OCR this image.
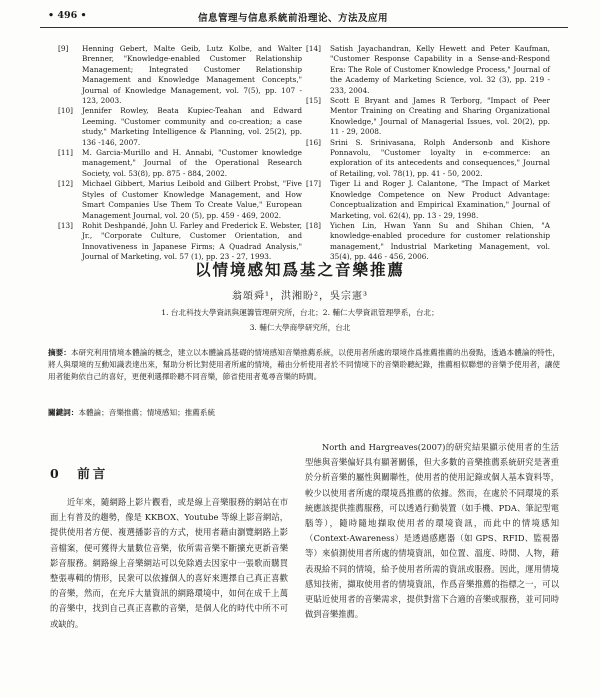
• 496 •	信息管理与信息系統前沿理论、方法及应用
[9] Henning Gebert, Malte Geib, Lutz Kolbe, and Walter Brenner, "Knowledge-enabled Customer Relationship Management; Integrated Customer Relationship Management and Knowledge Management Concepts," Journal of Knowledge Management, vol. 7(5), pp. 107 - 123, 2003.
[10] Jennifer Rowley, Beata Kupiec-Teahan and Edward Leeming. "Customer community and co-creation; a case study," Marketing Intelligence & Planning, vol. 25(2), pp. 136 -146, 2007.
[11] M. Garcia-Murillo and H. Annabi, "Customer knowledge management," Journal of the Operational Research Society, vol. 53(8), pp. 875 - 884, 2002.
[12] Michael Gibbert, Marius Leibold and Gilbert Probst, "Five Styles of Customer Knowledge Management, and How Smart Companies Use Them To Create Value," European Management Journal, vol. 20 (5), pp. 459 - 469, 2002.
[13] Rohit Deshpandé, John U. Farley and Frederick E. Webster, Jr., "Corporate Culture, Customer Orientation, and Innovativeness in Japanese Firms; A Quadrad Analysis," Journal of Marketing, vol. 57 (1), pp. 23 - 27, 1993.
[14] Satish Jayachandran, Kelly Hewett and Peter Kaufman, "Customer Response Capability in a Sense-and-Respond Era: The Role of Customer Knowledge Process," Journal of the Academy of Marketing Science, vol. 32 (3), pp. 219 - 233, 2004.
[15] Scott E Bryant and James R Terborg, "Impact of Peer Mentor Training on Creating and Sharing Organizational Knowledge," Journal of Managerial Issues, vol. 20(2), pp. 11 - 29, 2008.
[16] Srini S. Srinivasana, Rolph Andersonb and Kishore Ponnavolu, "Customer loyalty in e-commerce: an exploration of its antecedents and consequences," Journal of Retailing, vol. 78(1), pp. 41 - 50, 2002.
[17] Tiger Li and Roger J. Calantone, "The Impact of Market Knowledge Competence on New Product Advantage: Conceptualization and Empirical Examination," Journal of Marketing, vol. 62(4), pp. 13 - 29, 1998.
[18] Yichen Lin, Hwan Yann Su and Shihan Chien, "A knowledge-enabled procedure for customer relationship management," Industrial Marketing Management, vol. 35(4), pp. 446 - 456, 2006.
以情境感知爲基之音樂推薦
翁頌舜¹，洪湘盼²，吳宗憲³
1. 台北科技大學資訊與運籌管理研究所，台北；2. 輔仁大學資訊管理學系，台北；
3. 輔仁大學商學研究所，台北
摘要：本研究利用情境本體論的概念，建立以本體論爲基礎的情境感知音樂推薦系統，以使用者所處的環境作爲推薦推薦的出發點，透過本體論的特性，將人與環境的互動知識表達出來，幫助分析比對使用者所處的情境，藉由分析使用者於不同情境下的音樂聆聽紀錄，推薦相似聯想的音樂予使用者，讓使用者能夠依自己的喜好，更便利選擇聆聽不同音樂，節省使用者蒐尋音樂的時間。
關鍵詞：本體論；音樂推薦；情境感知；推薦系統
0　前言
近年來，隨網路上影片觀看，或是線上音樂服務的網站在市面上有普及的趨勢，像是 KKBOX、Youtube 等線上影音網站，提供使用者方便、複選播影音的方式，使用者藉由瀏覽網路上影音檔案，便可獲得大量數位音樂，依所需音樂不斷擴充更新音樂影音服務。網路線上音樂網站可以免除過去因家中一張歌而購買整張專輯的情形，民衆可以依據個人的喜好來選擇自己真正喜歡的音樂，然而，在充斥大量資訊的網路環境中，如何在成千上萬的音樂中，找到自己真正喜歡的音樂，是個人化的時代中所不可或缺的。
North and Hargreaves(2007)的研究結果顯示使用者的生活型態與音樂偏好具有顯著關係，但大多數的音樂推薦系統研究是著重於分析音樂的屬性與關聯性，使用者的使用記錄或個人基本資料等，較少以使用者所處的環境爲推薦的依據。然而，在處於不同環境的系統應該提供推薦服務，可以透過行動裝置（如手機、PDA、筆記型電腦等），隨時隨地擷取使用者的環境資訊，而此中的情境感知（Context-Awareness）是透過感應器（如 GPS、RFID、監視器等）來偵測使用者所處的情境資訊，如位置、溫度、時間、人物，藉表現給不同的情境，給予使用者所需的資訊或服務。因此，運用情境感知技術，擷取使用者的情境資訊，作爲音樂推薦的指標之一，可以更貼近使用者的音樂需求，提供對當下合適的音樂或服務，並可同時做到音樂推薦。
